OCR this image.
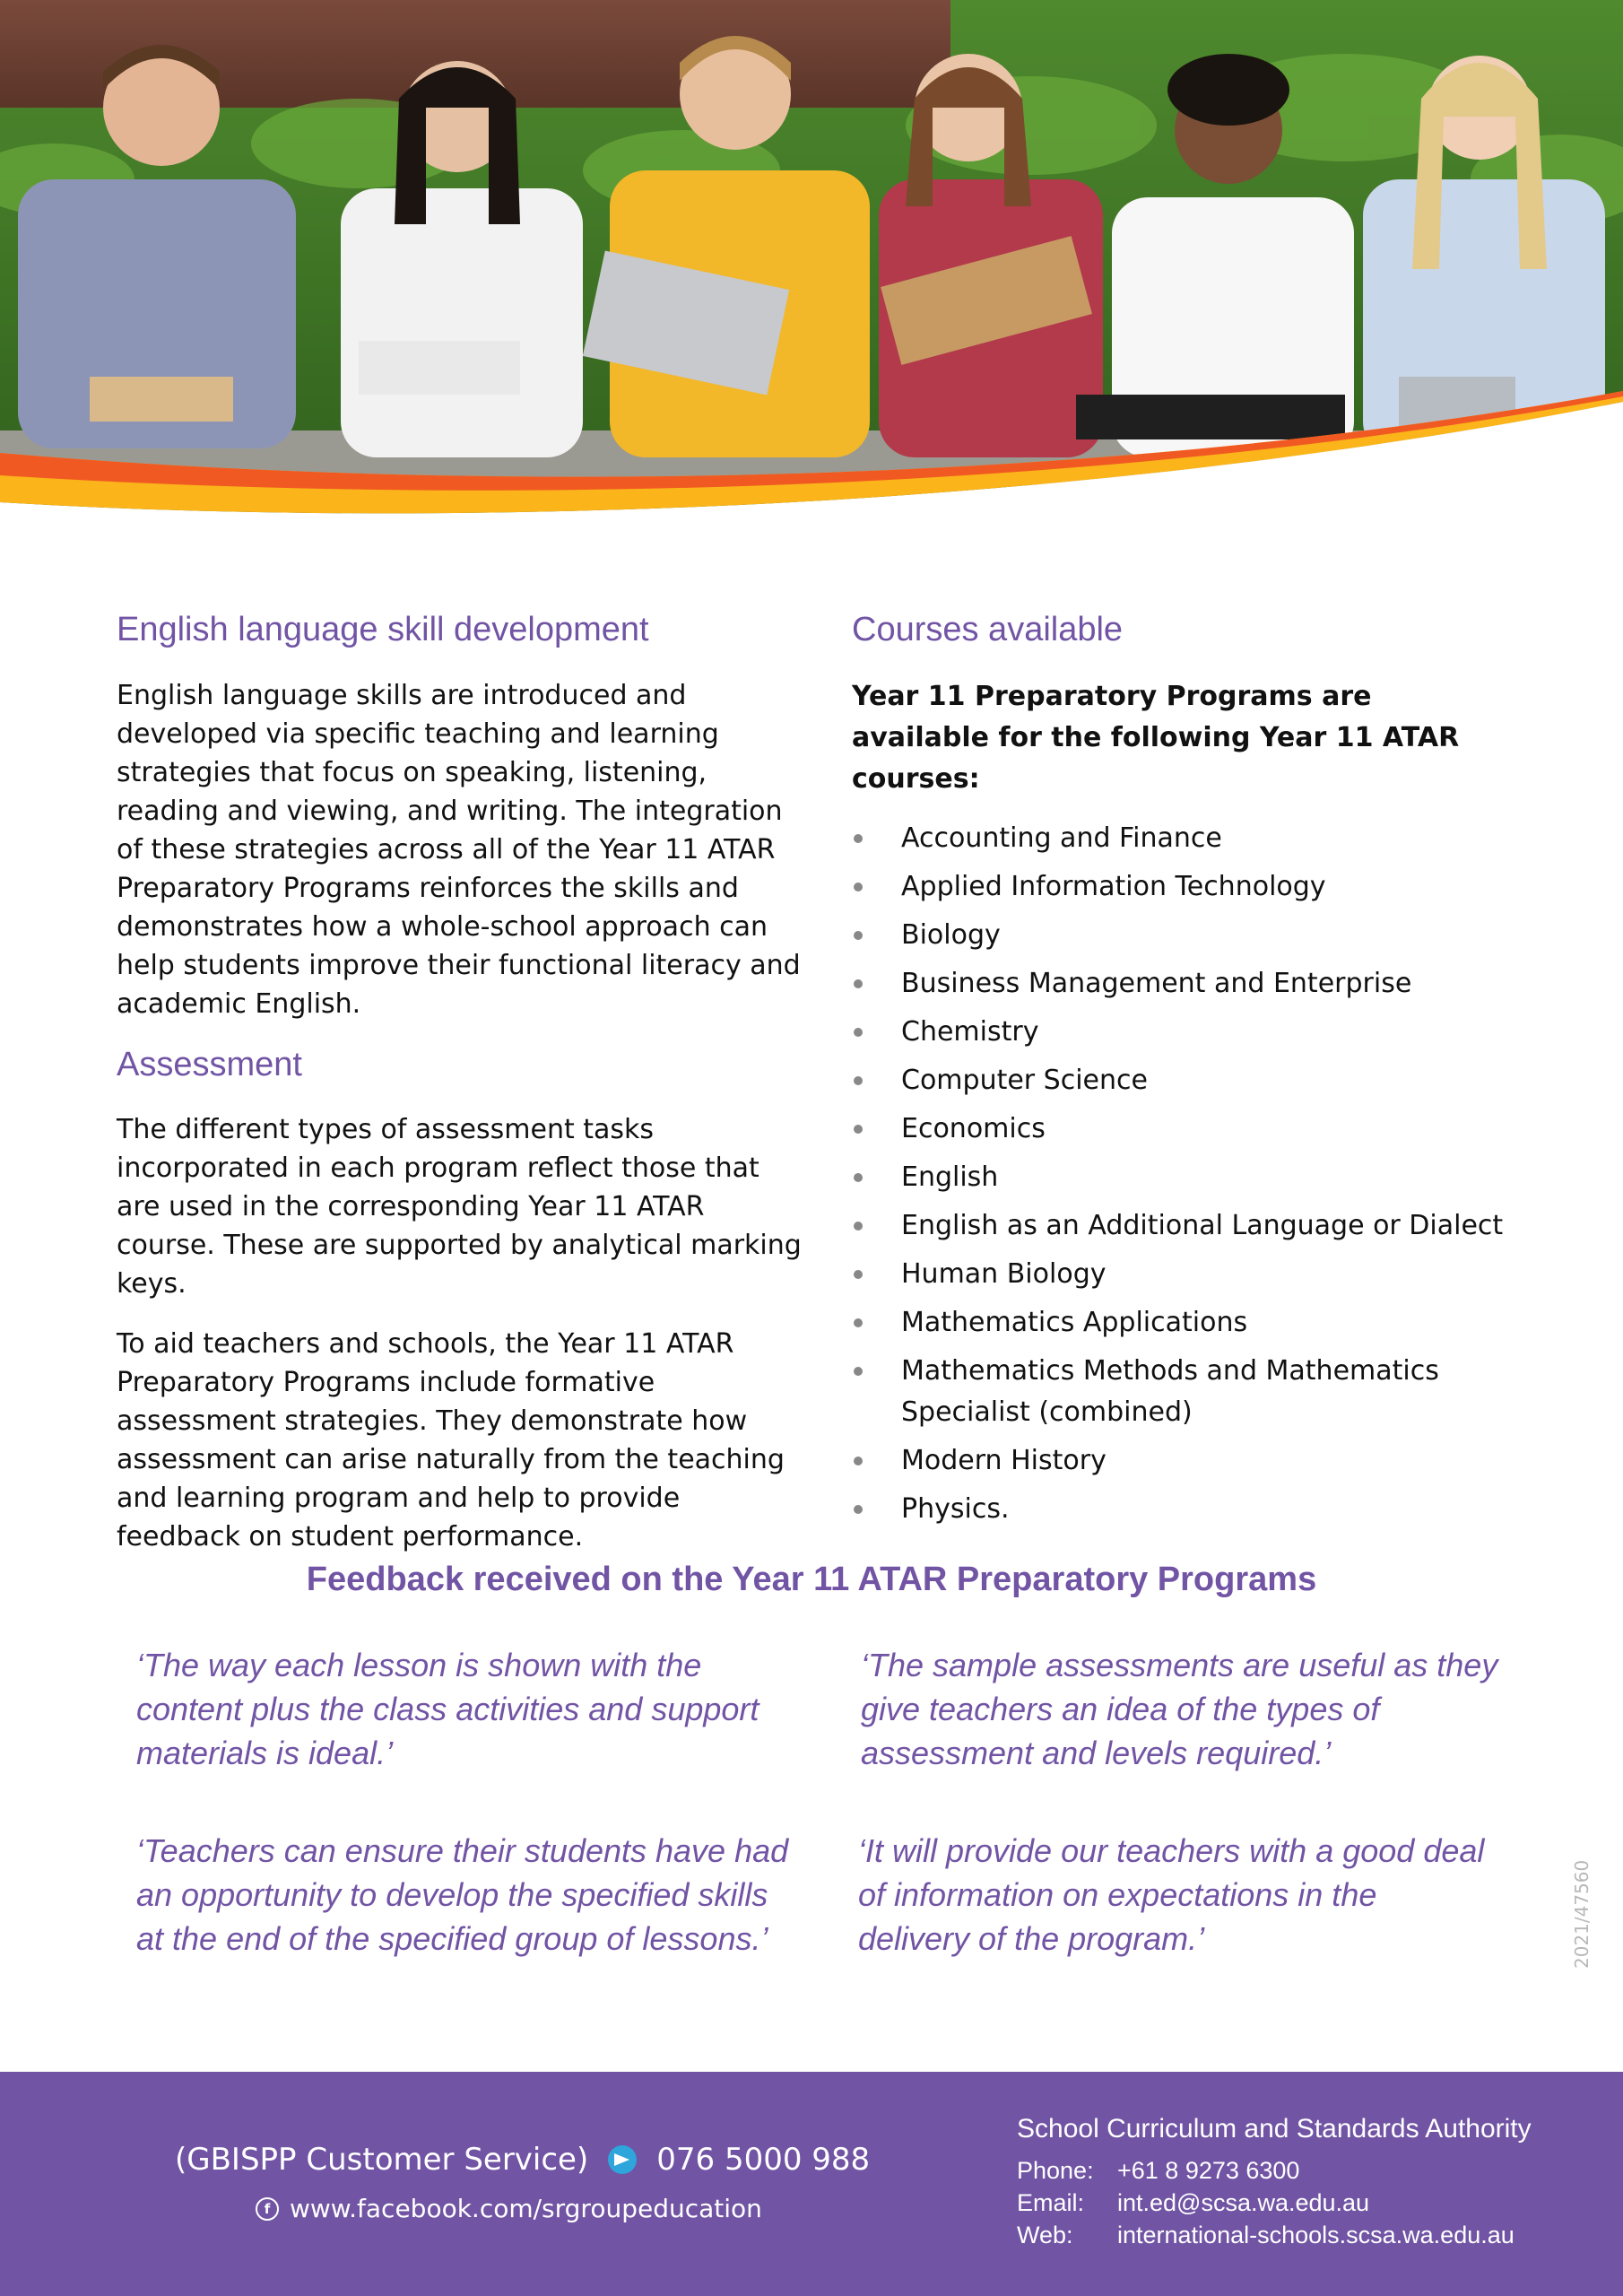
English language skill development

English language skills are introduced and developed via specific teaching and learning strategies that focus on speaking, listening, reading and viewing, and writing. The integration of these strategies across all of the Year 11 ATAR Preparatory Programs reinforces the skills and demonstrates how a whole-school approach can help students improve their functional literacy and academic English.

Assessment

The different types of assessment tasks incorporated in each program reflect those that are used in the corresponding Year 11 ATAR course. These are supported by analytical marking keys.

To aid teachers and schools, the Year 11 ATAR Preparatory Programs include formative assessment strategies. They demonstrate how assessment can arise naturally from the teaching and learning program and help to provide feedback on student performance.

Courses available

Year 11 Preparatory Programs are available for the following Year 11 ATAR courses:

Accounting and Finance
Applied Information Technology
Biology
Business Management and Enterprise
Chemistry
Computer Science
Economics
English
English as an Additional Language or Dialect
Human Biology
Mathematics Applications
Mathematics Methods and Mathematics Specialist (combined)
Modern History
Physics.
Feedback received on the Year 11 ATAR Preparatory Programs

‘The way each lesson is shown with the content plus the class activities and support materials is ideal.’

‘The sample assessments are useful as they give teachers an idea of the types of assessment and levels required.’

‘Teachers can ensure their students have had an opportunity to develop the specified skills at the end of the specified group of lessons.’

‘It will provide our teachers with a good deal of information on expectations in the delivery of the program.’	2021/47560
(GBISPP Customer Service) 076 5000 988
f www.facebook.com/srgroupeducation
School Curriculum and Standards Authority
Phone: +61 8 9273 6300
Email: int.ed@scsa.wa.edu.au
Web: international-schools.scsa.wa.edu.au
